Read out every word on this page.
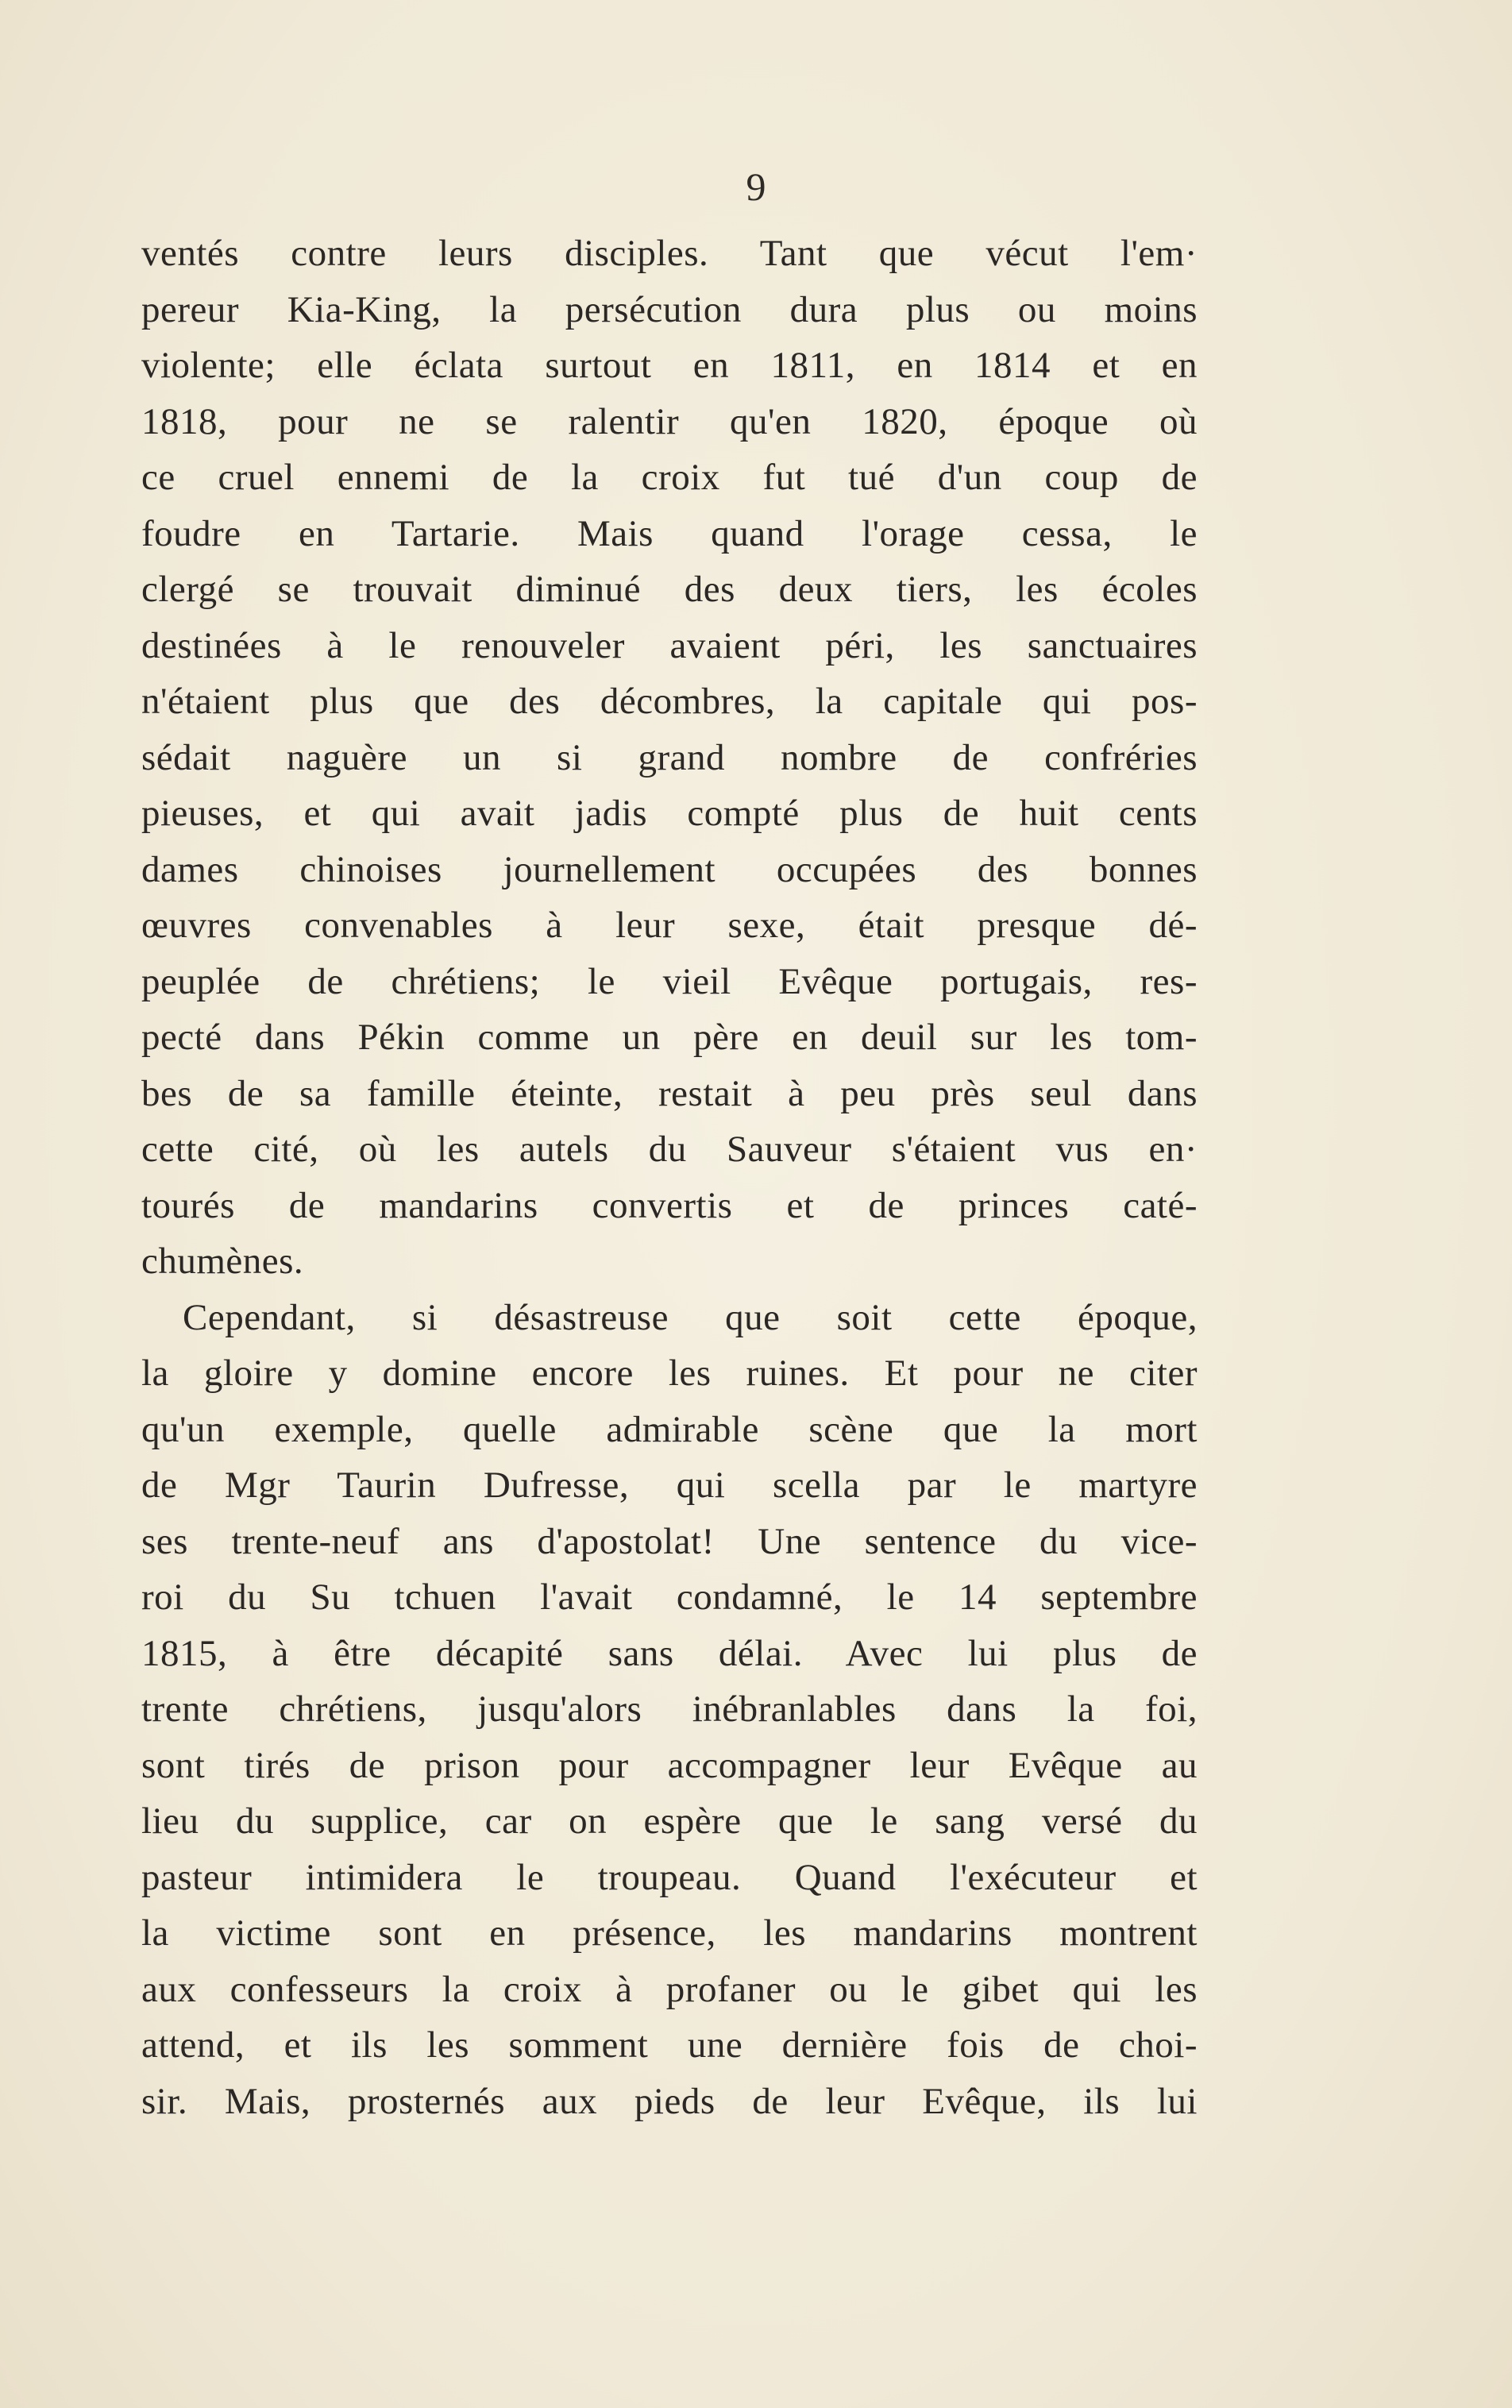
9
ventés contre leurs disciples. Tant que vécut l'em·
pereur Kia-King, la persécution dura plus ou moins
violente; elle éclata surtout en 1811, en 1814 et en
1818, pour ne se ralentir qu'en 1820, époque où
ce cruel ennemi de la croix fut tué d'un coup de
foudre en Tartarie. Mais quand l'orage cessa, le
clergé se trouvait diminué des deux tiers, les écoles
destinées à le renouveler avaient péri, les sanctuaires
n'étaient plus que des décombres, la capitale qui pos-
sédait naguère un si grand nombre de confréries
pieuses, et qui avait jadis compté plus de huit cents
dames chinoises journellement occupées des bonnes
œuvres convenables à leur sexe, était presque dé-
peuplée de chrétiens; le vieil Evêque portugais, res-
pecté dans Pékin comme un père en deuil sur les tom-
bes de sa famille éteinte, restait à peu près seul dans
cette cité, où les autels du Sauveur s'étaient vus en·
tourés de mandarins convertis et de princes caté-
chumènes.
Cependant, si désastreuse que soit cette époque,
la gloire y domine encore les ruines. Et pour ne citer
qu'un exemple, quelle admirable scène que la mort
de Mgr Taurin Dufresse, qui scella par le martyre
ses trente-neuf ans d'apostolat! Une sentence du vice-
roi du Su tchuen l'avait condamné, le 14 septembre
1815, à être décapité sans délai. Avec lui plus de
trente chrétiens, jusqu'alors inébranlables dans la foi,
sont tirés de prison pour accompagner leur Evêque au
lieu du supplice, car on espère que le sang versé du
pasteur intimidera le troupeau. Quand l'exécuteur et
la victime sont en présence, les mandarins montrent
aux confesseurs la croix à profaner ou le gibet qui les
attend, et ils les somment une dernière fois de choi-
sir. Mais, prosternés aux pieds de leur Evêque, ils lui
